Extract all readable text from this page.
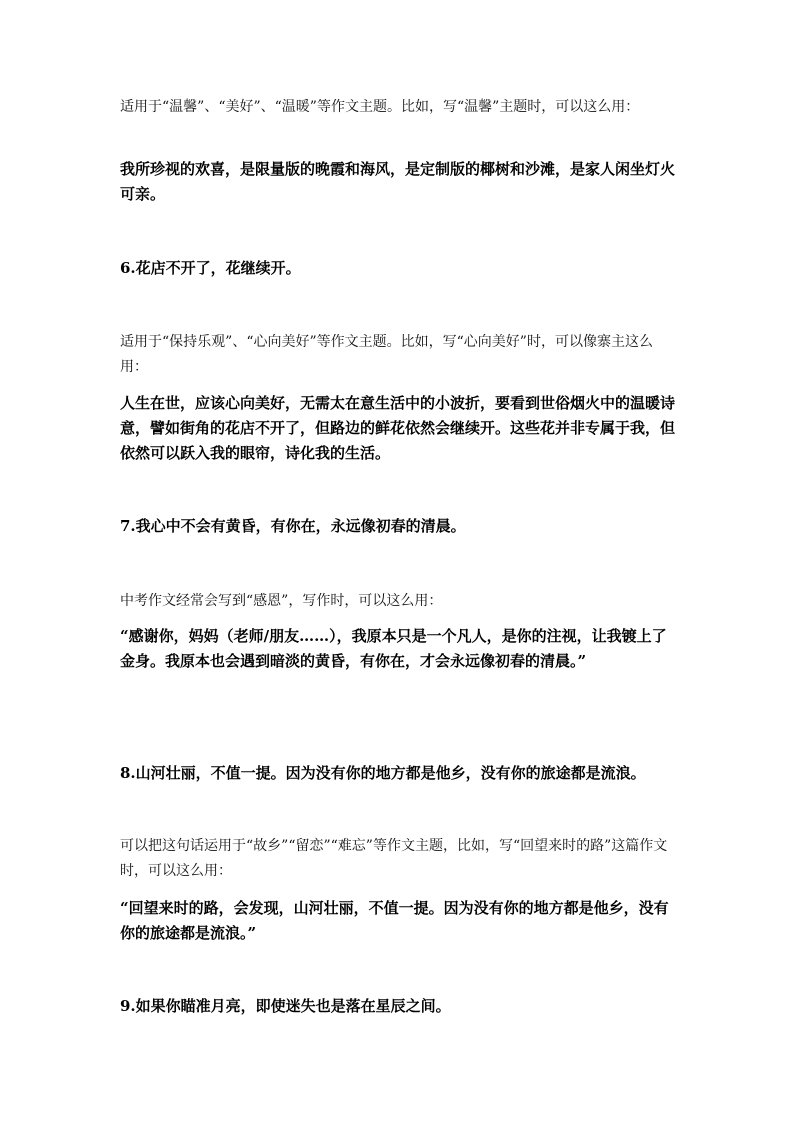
适用于“温馨”、“美好”、“温暖”等作文主题。比如，写“温馨”主题时，可以这么用：

我所珍视的欢喜，是限量版的晚霞和海风，是定制版的椰树和沙滩，是家人闲坐灯火可亲。

6.花店不开了，花继续开。

适用于“保持乐观”、“心向美好”等作文主题。比如，写“心向美好”时，可以像寨主这么用：

人生在世，应该心向美好，无需太在意生活中的小波折，要看到世俗烟火中的温暖诗意，譬如街角的花店不开了，但路边的鲜花依然会继续开。这些花并非专属于我，但依然可以跃入我的眼帘，诗化我的生活。

7.我心中不会有黄昏，有你在，永远像初春的清晨。

中考作文经常会写到“感恩”，写作时，可以这么用：

“感谢你，妈妈（老师/朋友……），我原本只是一个凡人，是你的注视，让我镀上了金身。我原本也会遇到暗淡的黄昏，有你在，才会永远像初春的清晨。”

8.山河壮丽，不值一提。因为没有你的地方都是他乡，没有你的旅途都是流浪。

可以把这句话运用于“故乡”“留恋”“难忘”等作文主题，比如，写“回望来时的路”这篇作文时，可以这么用：

“回望来时的路，会发现，山河壮丽，不值一提。因为没有你的地方都是他乡，没有你的旅途都是流浪。”

9.如果你瞄准月亮，即使迷失也是落在星辰之间。
